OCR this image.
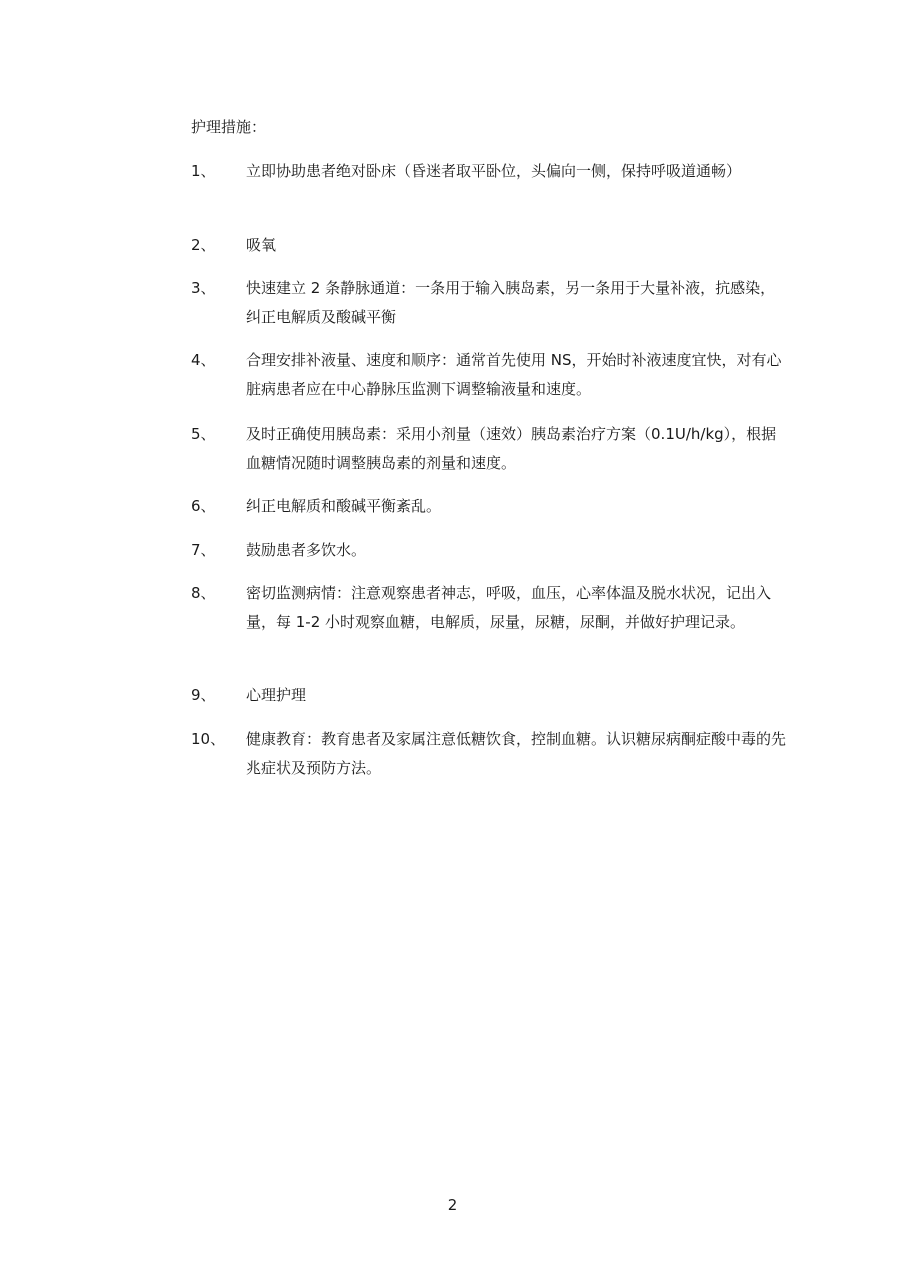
护理措施：
1、	立即协助患者绝对卧床（昏迷者取平卧位，头偏向一侧，保持呼吸道通畅）
2、	吸氧
3、	快速建立 2 条静脉通道：一条用于输入胰岛素，另一条用于大量补液，抗感染，纠正电解质及酸碱平衡
4、	合理安排补液量、速度和顺序：通常首先使用 NS，开始时补液速度宜快，对有心脏病患者应在中心静脉压监测下调整输液量和速度。
5、	及时正确使用胰岛素：采用小剂量（速效）胰岛素治疗方案（0.1U/h/kg），根据血糖情况随时调整胰岛素的剂量和速度。
6、	纠正电解质和酸碱平衡紊乱。
7、	鼓励患者多饮水。
8、	密切监测病情：注意观察患者神志，呼吸，血压，心率体温及脱水状况，记出入量，每 1-2 小时观察血糖，电解质，尿量，尿糖，尿酮，并做好护理记录。
9、	心理护理
10、	健康教育：教育患者及家属注意低糖饮食，控制血糖。认识糖尿病酮症酸中毒的先兆症状及预防方法。
2
